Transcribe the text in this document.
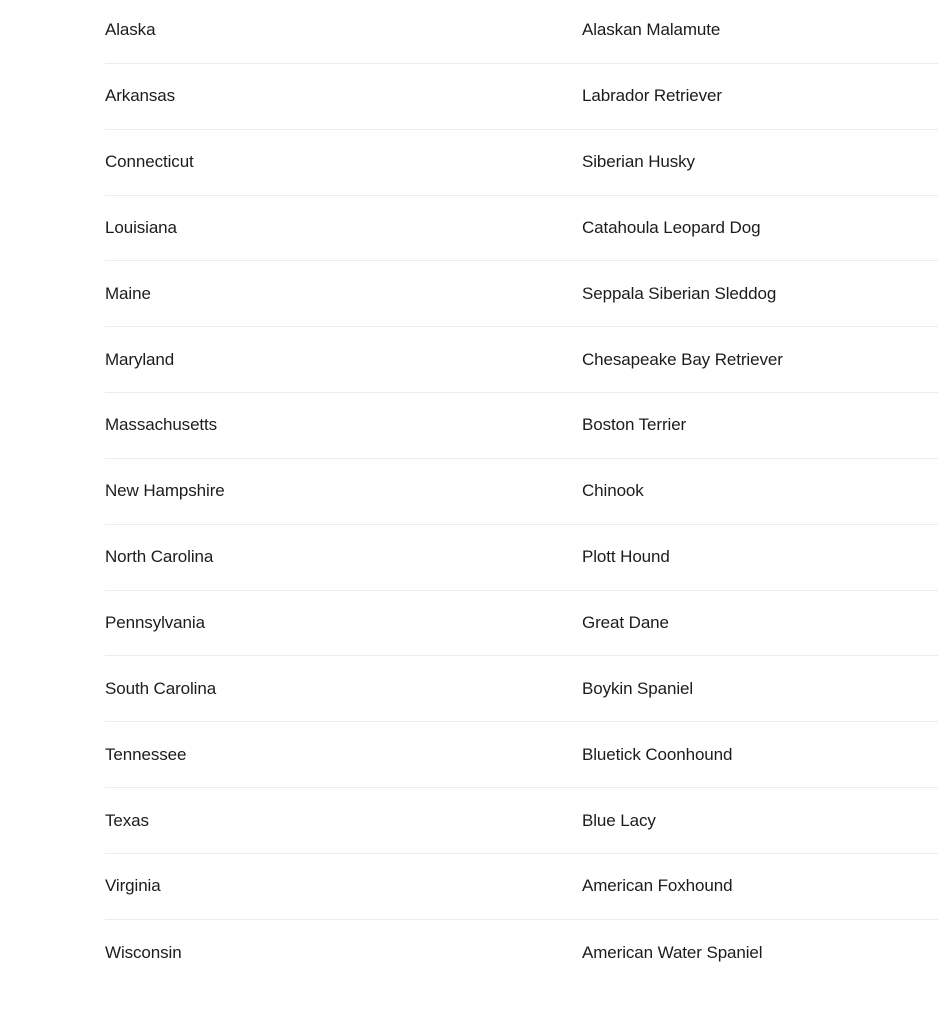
Alaska	Alaskan Malamute
Arkansas	Labrador Retriever
Connecticut	Siberian Husky
Louisiana	Catahoula Leopard Dog
Maine	Seppala Siberian Sleddog
Maryland	Chesapeake Bay Retriever
Massachusetts	Boston Terrier
New Hampshire	Chinook
North Carolina	Plott Hound
Pennsylvania	Great Dane
South Carolina	Boykin Spaniel
Tennessee	Bluetick Coonhound
Texas	Blue Lacy
Virginia	American Foxhound
Wisconsin	American Water Spaniel
